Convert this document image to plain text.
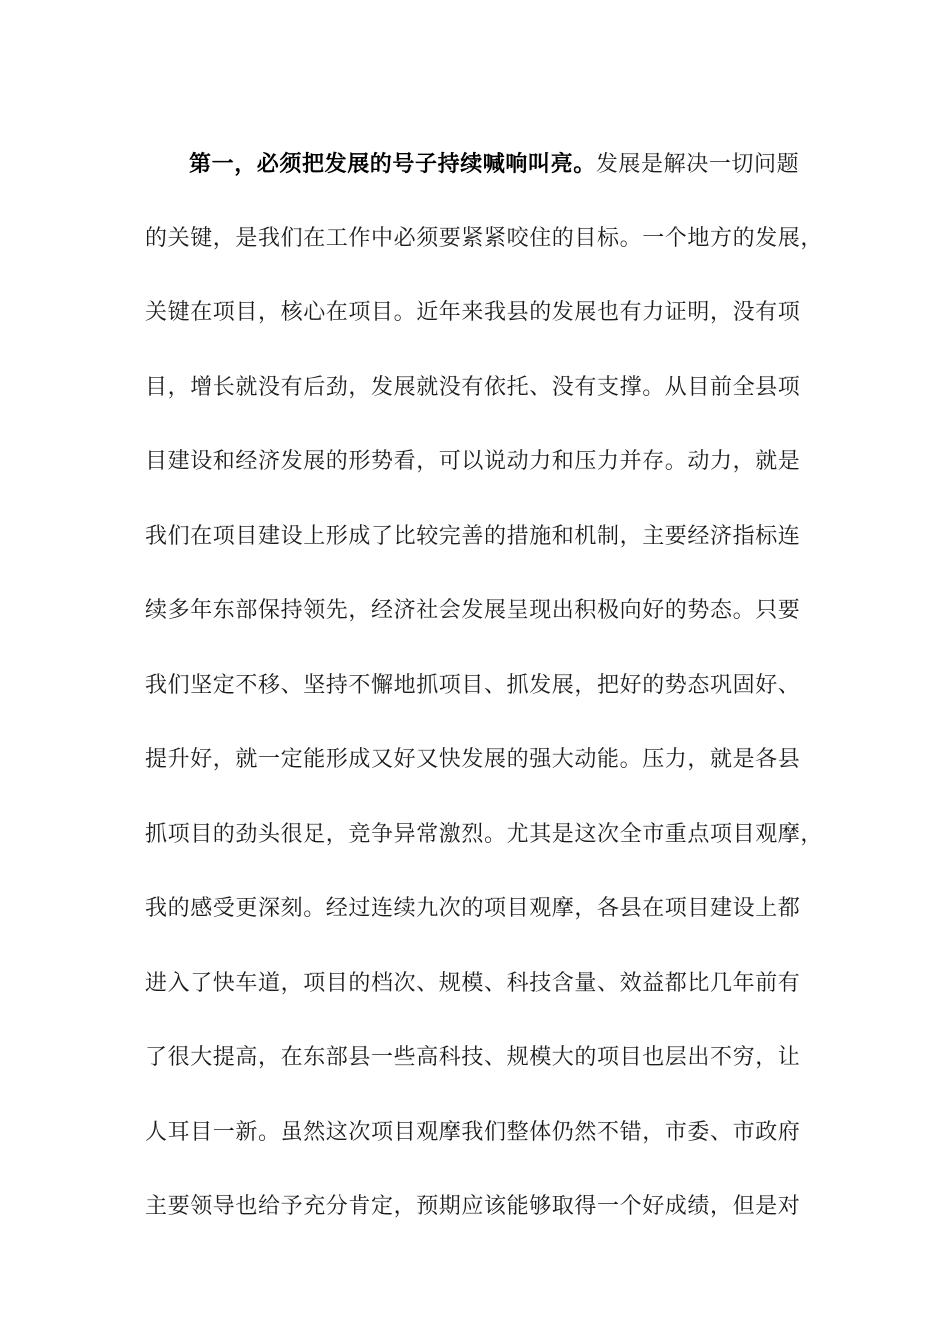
第一，必须把发展的号子持续喊响叫亮。发展是解决一切问题
的关键，是我们在工作中必须要紧紧咬住的目标。一个地方的发展，
关键在项目，核心在项目。近年来我县的发展也有力证明，没有项
目，增长就没有后劲，发展就没有依托、没有支撑。从目前全县项
目建设和经济发展的形势看，可以说动力和压力并存。动力，就是
我们在项目建设上形成了比较完善的措施和机制，主要经济指标连
续多年东部保持领先，经济社会发展呈现出积极向好的势态。只要
我们坚定不移、坚持不懈地抓项目、抓发展，把好的势态巩固好、
提升好，就一定能形成又好又快发展的强大动能。压力，就是各县
抓项目的劲头很足，竞争异常激烈。尤其是这次全市重点项目观摩，
我的感受更深刻。经过连续九次的项目观摩，各县在项目建设上都
进入了快车道，项目的档次、规模、科技含量、效益都比几年前有
了很大提高，在东部县一些高科技、规模大的项目也层出不穷，让
人耳目一新。虽然这次项目观摩我们整体仍然不错，市委、市政府
主要领导也给予充分肯定，预期应该能够取得一个好成绩，但是对
